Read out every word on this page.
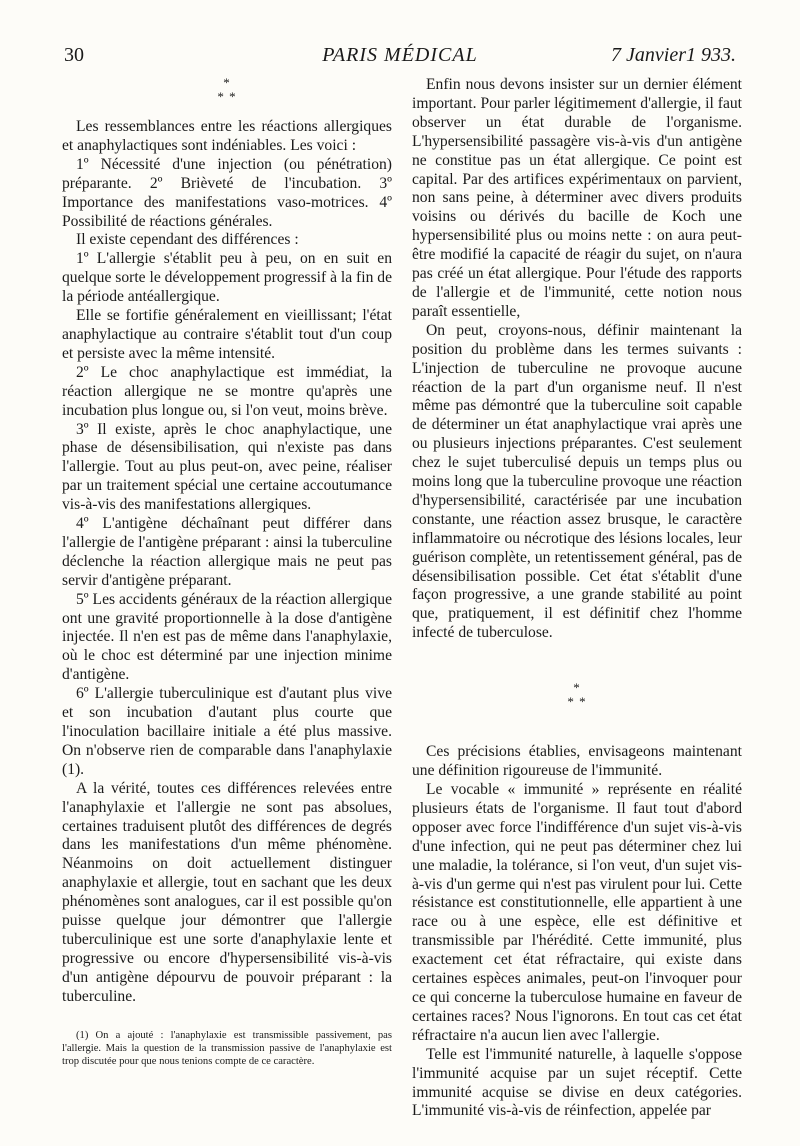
30	PARIS MÉDICAL	7 Janvier1 933.
*
* *

Les ressemblances entre les réactions allergiques et anaphylactiques sont indéniables. Les voici :

1º Nécessité d'une injection (ou pénétration) préparante. 2º Brièveté de l'incubation. 3º Importance des manifestations vaso-motrices. 4º Possibilité de réactions générales.

Il existe cependant des différences :

1º L'allergie s'établit peu à peu, on en suit en quelque sorte le développement progressif à la fin de la période antéallergique.

Elle se fortifie généralement en vieillissant; l'état anaphylactique au contraire s'établit tout d'un coup et persiste avec la même intensité.

2º Le choc anaphylactique est immédiat, la réaction allergique ne se montre qu'après une incubation plus longue ou, si l'on veut, moins brève.

3º Il existe, après le choc anaphylactique, une phase de désensibilisation, qui n'existe pas dans l'allergie. Tout au plus peut-on, avec peine, réaliser par un traitement spécial une certaine accoutumance vis-à-vis des manifestations allergiques.

4º L'antigène déchaînant peut différer dans l'allergie de l'antigène préparant : ainsi la tuberculine déclenche la réaction allergique mais ne peut pas servir d'antigène préparant.

5º Les accidents généraux de la réaction allergique ont une gravité proportionnelle à la dose d'antigène injectée. Il n'en est pas de même dans l'anaphylaxie, où le choc est déterminé par une injection minime d'antigène.

6º L'allergie tuberculinique est d'autant plus vive et son incubation d'autant plus courte que l'inoculation bacillaire initiale a été plus massive. On n'observe rien de comparable dans l'anaphylaxie (1).

A la vérité, toutes ces différences relevées entre l'anaphylaxie et l'allergie ne sont pas absolues, certaines traduisent plutôt des différences de degrés dans les manifestations d'un même phénomène. Néanmoins on doit actuellement distinguer anaphylaxie et allergie, tout en sachant que les deux phénomènes sont analogues, car il est possible qu'on puisse quelque jour démontrer que l'allergie tuberculinique est une sorte d'anaphylaxie lente et progressive ou encore d'hypersensibilité vis-à-vis d'un antigène dépourvu de pouvoir préparant : la tuberculine.

(1) On a ajouté : l'anaphylaxie est transmissible passivement, pas l'allergie. Mais la question de la transmission passive de l'anaphylaxie est trop discutée pour que nous tenions compte de ce caractère.

Enfin nous devons insister sur un dernier élément important. Pour parler légitimement d'allergie, il faut observer un état durable de l'organisme. L'hypersensibilité passagère vis-à-vis d'un antigène ne constitue pas un état allergique. Ce point est capital. Par des artifices expérimentaux on parvient, non sans peine, à déterminer avec divers produits voisins ou dérivés du bacille de Koch une hypersensibilité plus ou moins nette : on aura peut-être modifié la capacité de réagir du sujet, on n'aura pas créé un état allergique. Pour l'étude des rapports de l'allergie et de l'immunité, cette notion nous paraît essentielle,

On peut, croyons-nous, définir maintenant la position du problème dans les termes suivants : L'injection de tuberculine ne provoque aucune réaction de la part d'un organisme neuf. Il n'est même pas démontré que la tuberculine soit capable de déterminer un état anaphylactique vrai après une ou plusieurs injections préparantes. C'est seulement chez le sujet tuberculisé depuis un temps plus ou moins long que la tuberculine provoque une réaction d'hypersensibilité, caractérisée par une incubation constante, une réaction assez brusque, le caractère inflammatoire ou nécrotique des lésions locales, leur guérison complète, un retentissement général, pas de désensibilisation possible. Cet état s'établit d'une façon progressive, a une grande stabilité au point que, pratiquement, il est définitif chez l'homme infecté de tuberculose.

*
* *

Ces précisions établies, envisageons maintenant une définition rigoureuse de l'immunité.

Le vocable « immunité » représente en réalité plusieurs états de l'organisme. Il faut tout d'abord opposer avec force l'indifférence d'un sujet vis-à-vis d'une infection, qui ne peut pas déterminer chez lui une maladie, la tolérance, si l'on veut, d'un sujet vis-à-vis d'un germe qui n'est pas virulent pour lui. Cette résistance est constitutionnelle, elle appartient à une race ou à une espèce, elle est définitive et transmissible par l'hérédité. Cette immunité, plus exactement cet état réfractaire, qui existe dans certaines espèces animales, peut-on l'invoquer pour ce qui concerne la tuberculose humaine en faveur de certaines races? Nous l'ignorons. En tout cas cet état réfractaire n'a aucun lien avec l'allergie.

Telle est l'immunité naturelle, à laquelle s'oppose l'immunité acquise par un sujet réceptif. Cette immunité acquise se divise en deux catégories. L'immunité vis-à-vis de réinfection, appelée par
